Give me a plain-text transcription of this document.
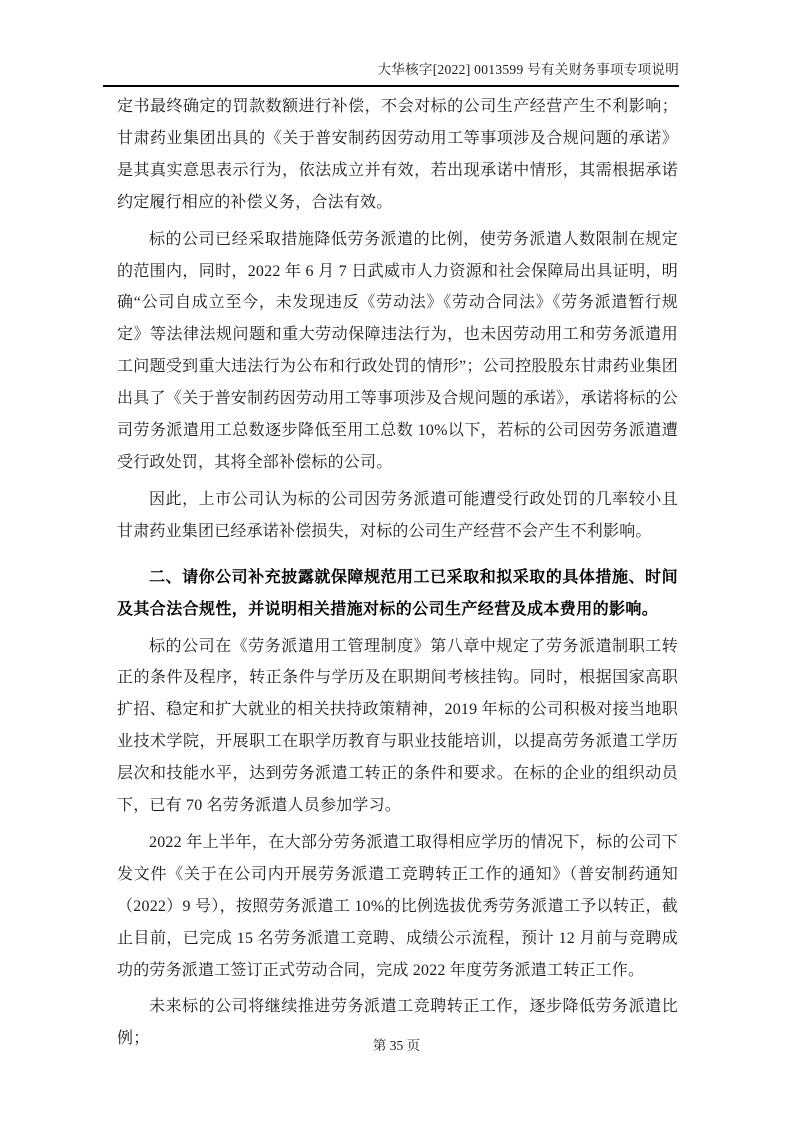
大华核字[2022] 0013599 号有关财务事项专项说明

定书最终确定的罚款数额进行补偿，不会对标的公司生产经营产生不利影响；甘肃药业集团出具的《关于普安制药因劳动用工等事项涉及合规问题的承诺》是其真实意思表示行为，依法成立并有效，若出现承诺中情形，其需根据承诺约定履行相应的补偿义务，合法有效。

标的公司已经采取措施降低劳务派遣的比例，使劳务派遣人数限制在规定的范围内，同时，2022 年 6 月 7 日武威市人力资源和社会保障局出具证明，明确“公司自成立至今，未发现违反《劳动法》《劳动合同法》《劳务派遣暂行规定》等法律法规问题和重大劳动保障违法行为，也未因劳动用工和劳务派遣用工问题受到重大违法行为公布和行政处罚的情形”；公司控股股东甘肃药业集团出具了《关于普安制药因劳动用工等事项涉及合规问题的承诺》，承诺将标的公司劳务派遣用工总数逐步降低至用工总数 10%以下，若标的公司因劳务派遣遭受行政处罚，其将全部补偿标的公司。

因此，上市公司认为标的公司因劳务派遣可能遭受行政处罚的几率较小且甘肃药业集团已经承诺补偿损失，对标的公司生产经营不会产生不利影响。

二、请你公司补充披露就保障规范用工已采取和拟采取的具体措施、时间及其合法合规性，并说明相关措施对标的公司生产经营及成本费用的影响。

标的公司在《劳务派遣用工管理制度》第八章中规定了劳务派遣制职工转正的条件及程序，转正条件与学历及在职期间考核挂钩。同时，根据国家高职扩招、稳定和扩大就业的相关扶持政策精神，2019 年标的公司积极对接当地职业技术学院，开展职工在职学历教育与职业技能培训，以提高劳务派遣工学历层次和技能水平，达到劳务派遣工转正的条件和要求。在标的企业的组织动员下，已有 70 名劳务派遣人员参加学习。

2022 年上半年，在大部分劳务派遣工取得相应学历的情况下，标的公司下发文件《关于在公司内开展劳务派遣工竞聘转正工作的通知》（普安制药通知（2022）9 号），按照劳务派遣工 10%的比例选拔优秀劳务派遣工予以转正，截止目前，已完成 15 名劳务派遣工竞聘、成绩公示流程，预计 12 月前与竞聘成功的劳务派遣工签订正式劳动合同，完成 2022 年度劳务派遣工转正工作。

未来标的公司将继续推进劳务派遣工竞聘转正工作，逐步降低劳务派遣比例；	第 35 页
